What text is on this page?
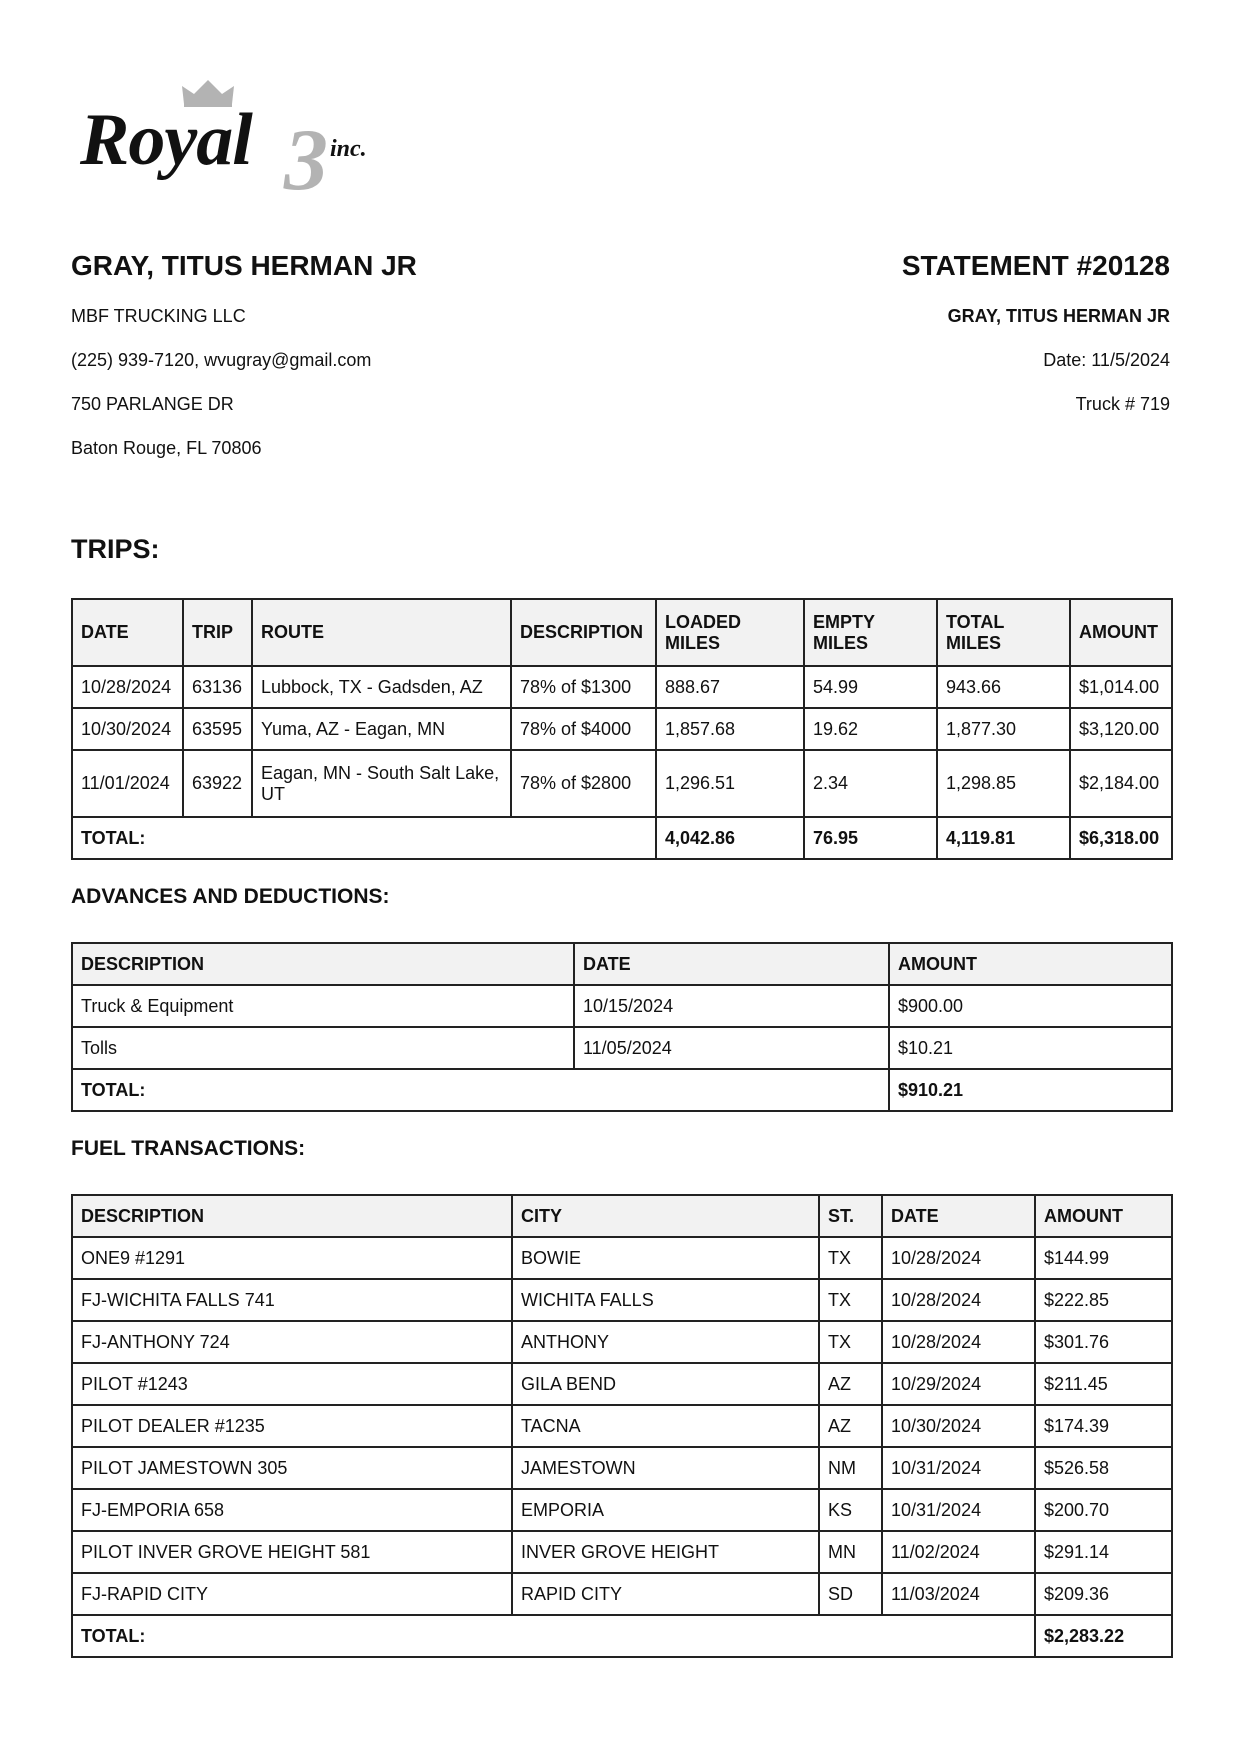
Royal 3 inc.
GRAY, TITUS HERMAN JR
MBF TRUCKING LLC
(225) 939-7120, wvugray@gmail.com
750 PARLANGE DR
Baton Rouge, FL 70806
STATEMENT #20128
GRAY, TITUS HERMAN JR
Date: 11/5/2024
Truck # 719
TRIPS:
DATE	TRIP	ROUTE	DESCRIPTION	LOADED MILES	EMPTY MILES	TOTAL MILES	AMOUNT
10/28/2024	63136	Lubbock, TX - Gadsden, AZ	78% of $1300	888.67	54.99	943.66	$1,014.00
10/30/2024	63595	Yuma, AZ - Eagan, MN	78% of $4000	1,857.68	19.62	1,877.30	$3,120.00
11/01/2024	63922	Eagan, MN - South Salt Lake, UT	78% of $2800	1,296.51	2.34	1,298.85	$2,184.00
TOTAL:				4,042.86	76.95	4,119.81	$6,318.00
ADVANCES AND DEDUCTIONS:
DESCRIPTION	DATE	AMOUNT
Truck & Equipment	10/15/2024	$900.00
Tolls	11/05/2024	$10.21
TOTAL:		$910.21
FUEL TRANSACTIONS:
DESCRIPTION	CITY	ST.	DATE	AMOUNT
ONE9 #1291	BOWIE	TX	10/28/2024	$144.99
FJ-WICHITA FALLS 741	WICHITA FALLS	TX	10/28/2024	$222.85
FJ-ANTHONY 724	ANTHONY	TX	10/28/2024	$301.76
PILOT #1243	GILA BEND	AZ	10/29/2024	$211.45
PILOT DEALER #1235	TACNA	AZ	10/30/2024	$174.39
PILOT JAMESTOWN 305	JAMESTOWN	NM	10/31/2024	$526.58
FJ-EMPORIA 658	EMPORIA	KS	10/31/2024	$200.70
PILOT INVER GROVE HEIGHT 581	INVER GROVE HEIGHT	MN	11/02/2024	$291.14
FJ-RAPID CITY	RAPID CITY	SD	11/03/2024	$209.36
TOTAL:				$2,283.22
